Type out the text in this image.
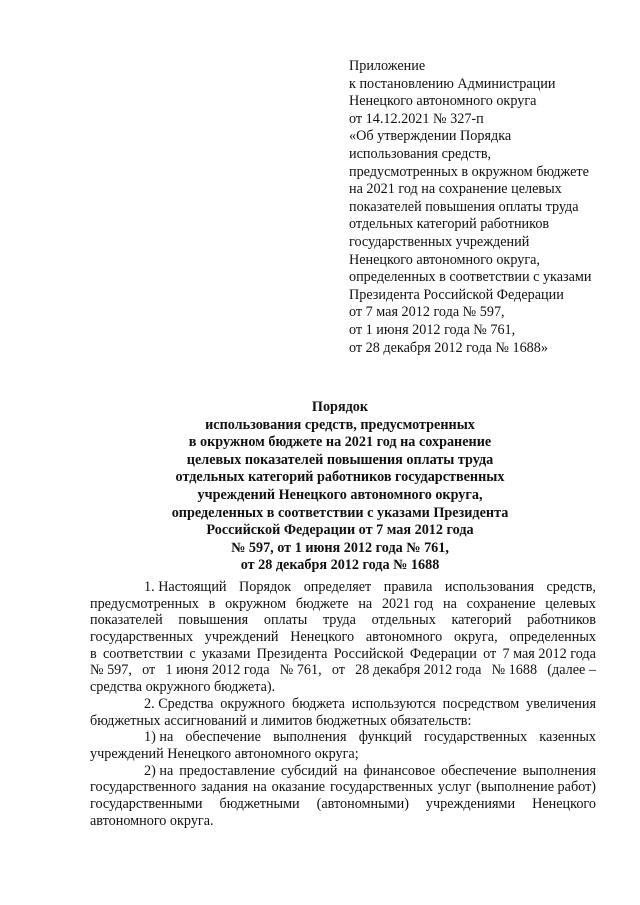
Приложение
к постановлению Администрации
Ненецкого автономного округа
от 14.12.2021 № 327-п
«Об утверждении Порядка
использования средств,
предусмотренных в окружном бюджете
на 2021 год на сохранение целевых
показателей повышения оплаты труда
отдельных категорий работников
государственных учреждений
Ненецкого автономного округа,
определенных в соответствии с указами
Президента Российской Федерации
от 7 мая 2012 года № 597,
от 1 июня 2012 года № 761,
от 28 декабря 2012 года № 1688»
Порядок
использования средств, предусмотренных
в окружном бюджете на 2021 год на сохранение
целевых показателей повышения оплаты труда
отдельных категорий работников государственных
учреждений Ненецкого автономного округа,
определенных в соответствии с указами Президента
Российской Федерации от 7 мая 2012 года
№ 597, от 1 июня 2012 года № 761,
от 28 декабря 2012 года № 1688
1. Настоящий Порядок определяет правила использования средств,
предусмотренных в окружном бюджете на 2021 год на сохранение целевых
показателей повышения оплаты труда отдельных категорий работников
государственных учреждений Ненецкого автономного округа, определенных
в соответствии с указами Президента Российской Федерации от 7 мая 2012 года
№ 597, от 1 июня 2012 года № 761, от 28 декабря 2012 года № 1688 (далее –
средства окружного бюджета).
2. Средства окружного бюджета используются посредством увеличения
бюджетных ассигнований и лимитов бюджетных обязательств:
1) на обеспечение выполнения функций государственных казенных
учреждений Ненецкого автономного округа;
2) на предоставление субсидий на финансовое обеспечение выполнения
государственного задания на оказание государственных услуг (выполнение работ)
государственными бюджетными (автономными) учреждениями Ненецкого
автономного округа.
